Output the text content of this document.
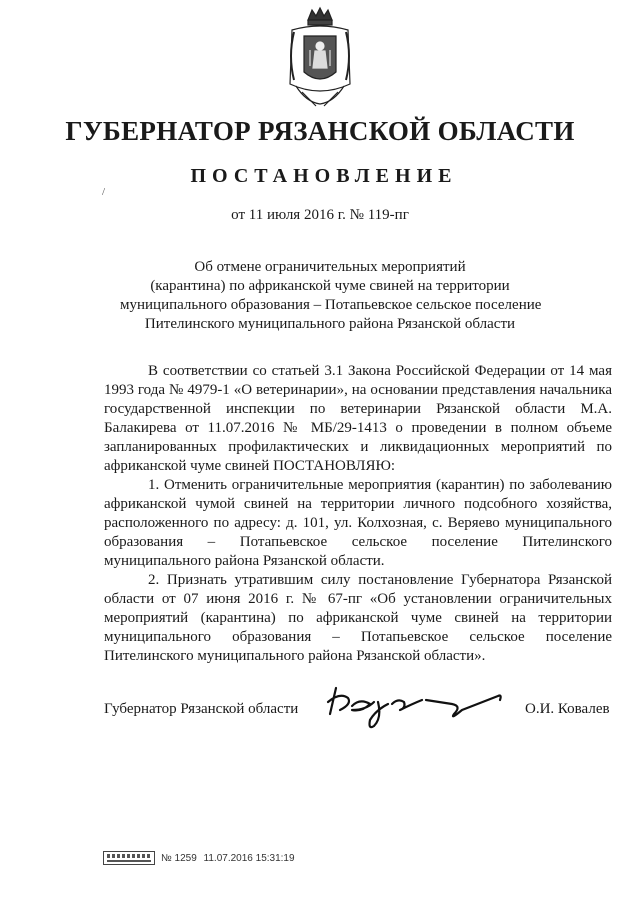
ГУБЕРНАТОР РЯЗАНСКОЙ ОБЛАСТИ
ПОСТАНОВЛЕНИЕ
/
от 11 июля 2016 г. № 119-пг
Об отмене ограничительных мероприятий
(карантина) по африканской чуме свиней на территории
муниципального образования – Потапьевское сельское поселение
Пителинского муниципального района Рязанской области

В соответствии со статьей 3.1 Закона Российской Федерации от 14 мая 1993 года № 4979-1 «О ветеринарии», на основании представления начальника государственной инспекции по ветеринарии Рязанской области М.А. Балакирева от 11.07.2016 № МБ/29-1413 о проведении в полном объеме запланированных профилактических и ликвидационных мероприятий по африканской чуме свиней ПОСТАНОВЛЯЮ:

1. Отменить ограничительные мероприятия (карантин) по заболеванию африканской чумой свиней на территории личного подсобного хозяйства, расположенного по адресу: д. 101, ул. Колхозная, с. Веряево муниципального образования – Потапьевское сельское поселение Пителинского муниципального района Рязанской области.

2. Признать утратившим силу постановление Губернатора Рязанской области от 07 июня 2016 г. № 67-пг «Об установлении ограничительных мероприятий (карантина) по африканской чуме свиней на территории муниципального образования – Потапьевское сельское поселение Пителинского муниципального района Рязанской области».

Губернатор Рязанской области	О.И. Ковалев
№ 1259 11.07.2016 15:31:19
